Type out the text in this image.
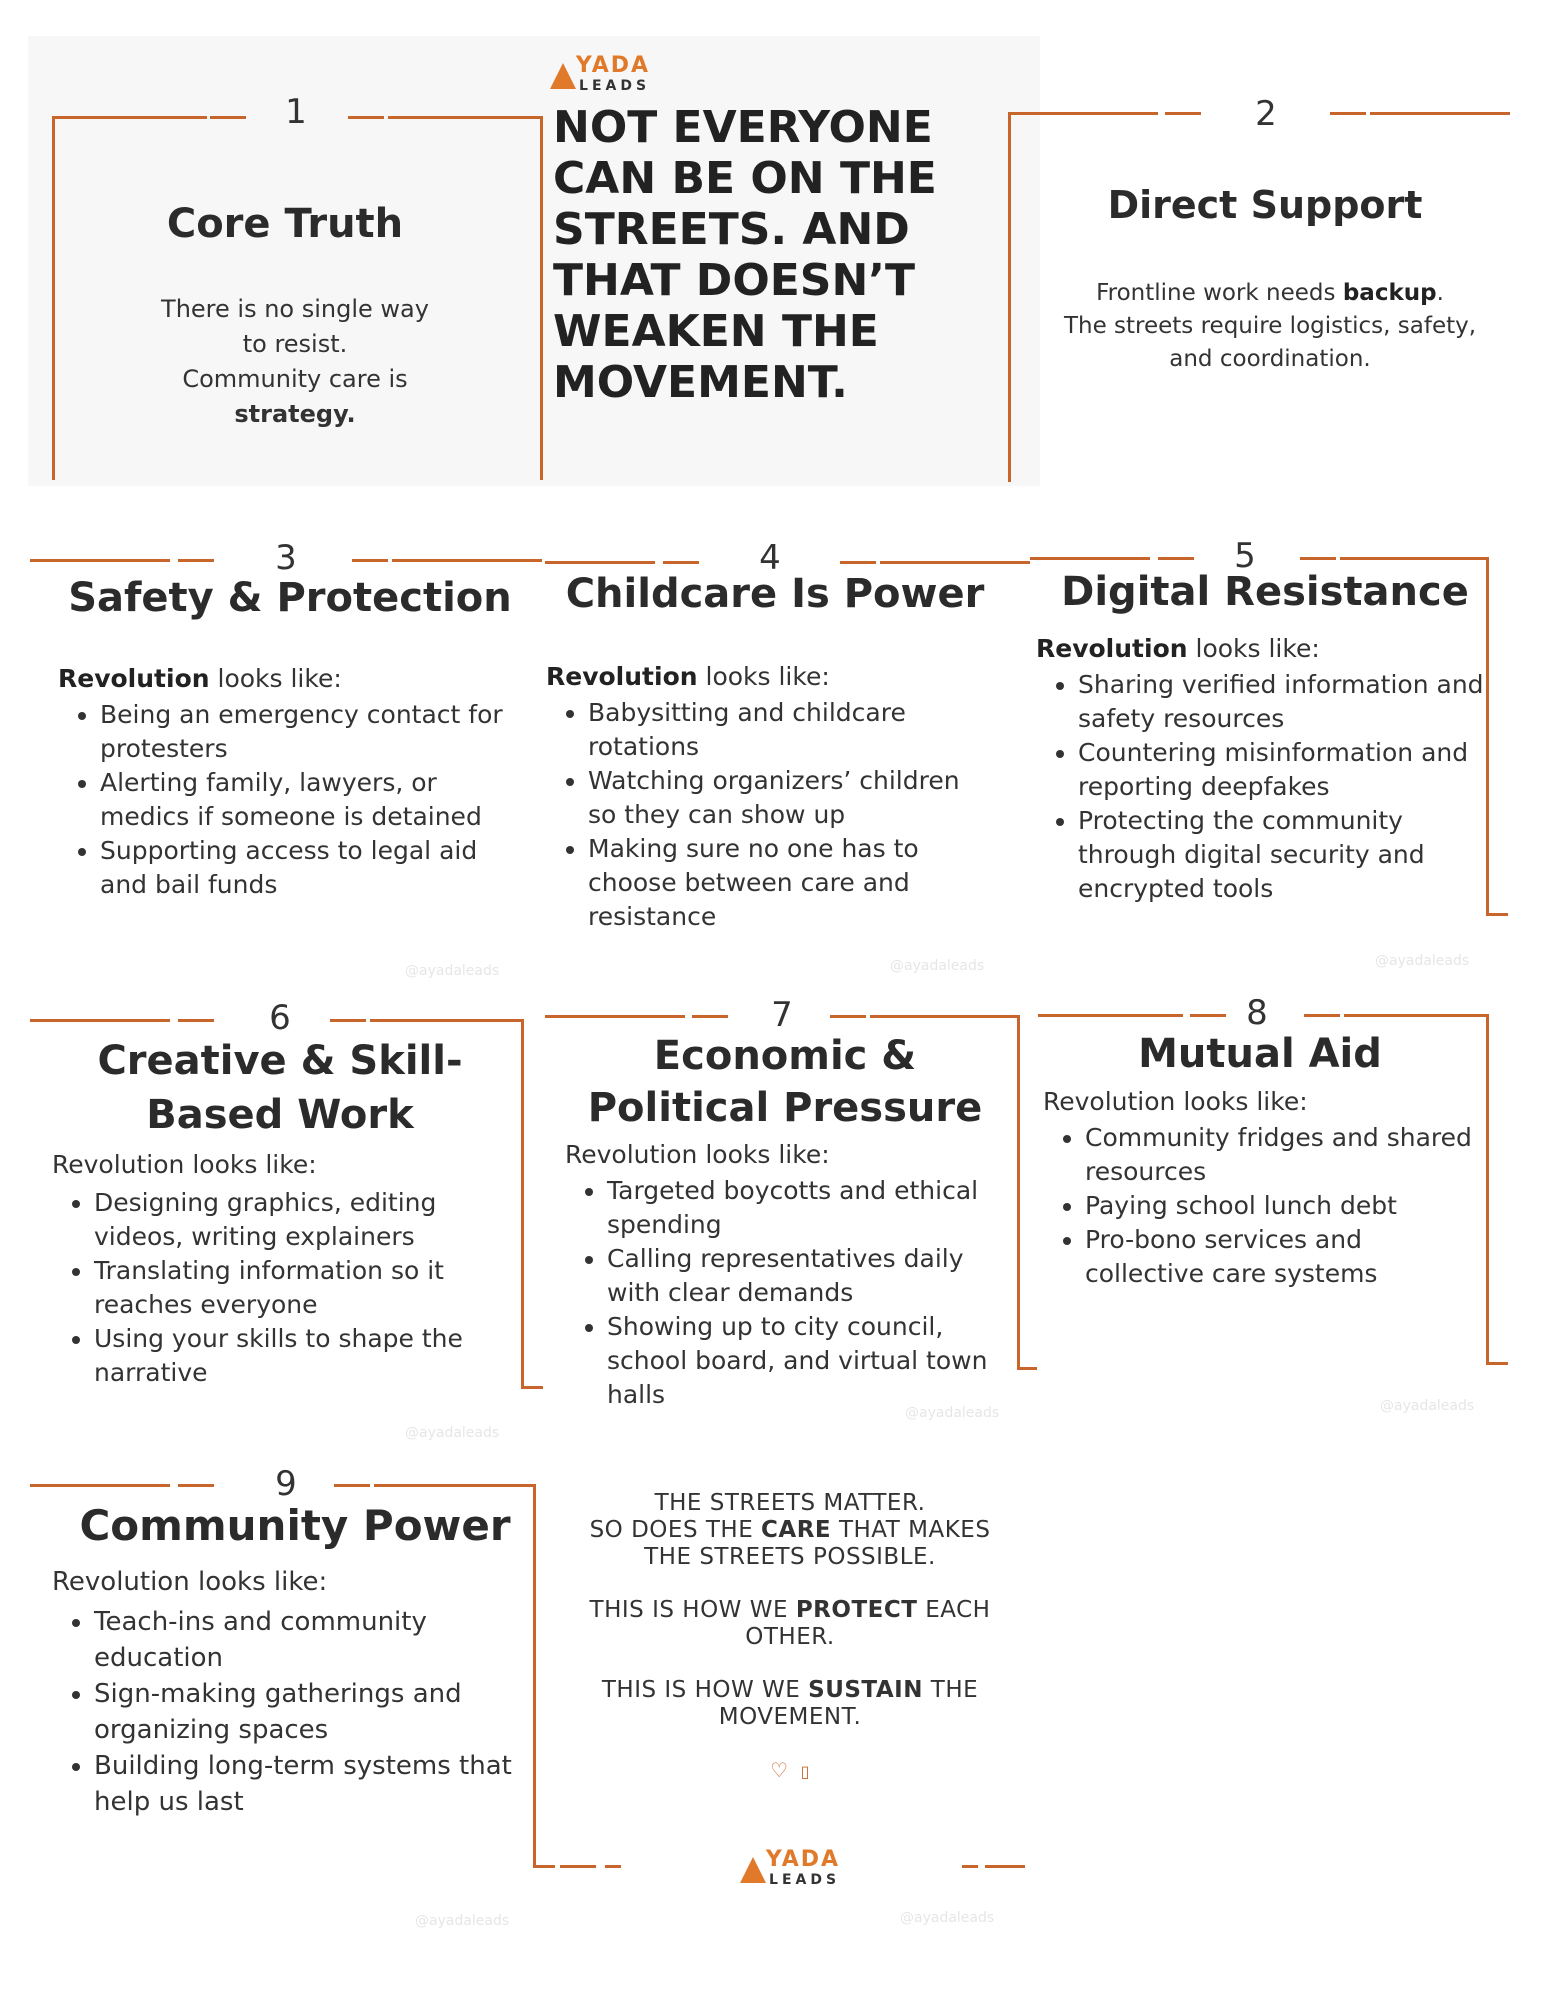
YADA
LEADS
NOT EVERYONE CAN BE ON THE STREETS. AND THAT DOESN’T WEAKEN THE MOVEMENT.
1
Core Truth
There is no single way
to resist.
Community care is
strategy.
2
Direct Support
Frontline work needs backup.
The streets require logistics, safety, and coordination.
3	4	5
Safety & Protection
Revolution looks like:
• Being an emergency contact for protesters
• Alerting family, lawyers, or medics if someone is detained
• Supporting access to legal aid and bail funds
Childcare Is Power
Revolution looks like:
• Babysitting and childcare rotations
• Watching organizers’ children so they can show up
• Making sure no one has to choose between care and resistance
Digital Resistance
Revolution looks like:
• Sharing verified information and safety resources
• Countering misinformation and reporting deepfakes
• Protecting the community through digital security and encrypted tools
@ayadaleads	@ayadaleads	@ayadaleads
6	7	8
Creative & Skill-Based Work
Revolution looks like:
• Designing graphics, editing videos, writing explainers
• Translating information so it reaches everyone
• Using your skills to shape the narrative
Economic & Political Pressure
Revolution looks like:
• Targeted boycotts and ethical spending
• Calling representatives daily with clear demands
• Showing up to city council, school board, and virtual town halls
Mutual Aid
Revolution looks like:
• Community fridges and shared resources
• Paying school lunch debt
• Pro-bono services and collective care systems
@ayadaleads
@ayadaleads	@ayadaleads
9
Community Power
Revolution looks like:
• Teach-ins and community education
• Sign-making gatherings and organizing spaces
• Building long-term systems that help us last

THE STREETS MATTER.
SO DOES THE CARE THAT MAKES THE STREETS POSSIBLE.

THIS IS HOW WE PROTECT EACH OTHER.

THIS IS HOW WE SUSTAIN THE MOVEMENT.

♡ ▯
YADA
LEADS
@ayadaleads	@ayadaleads
